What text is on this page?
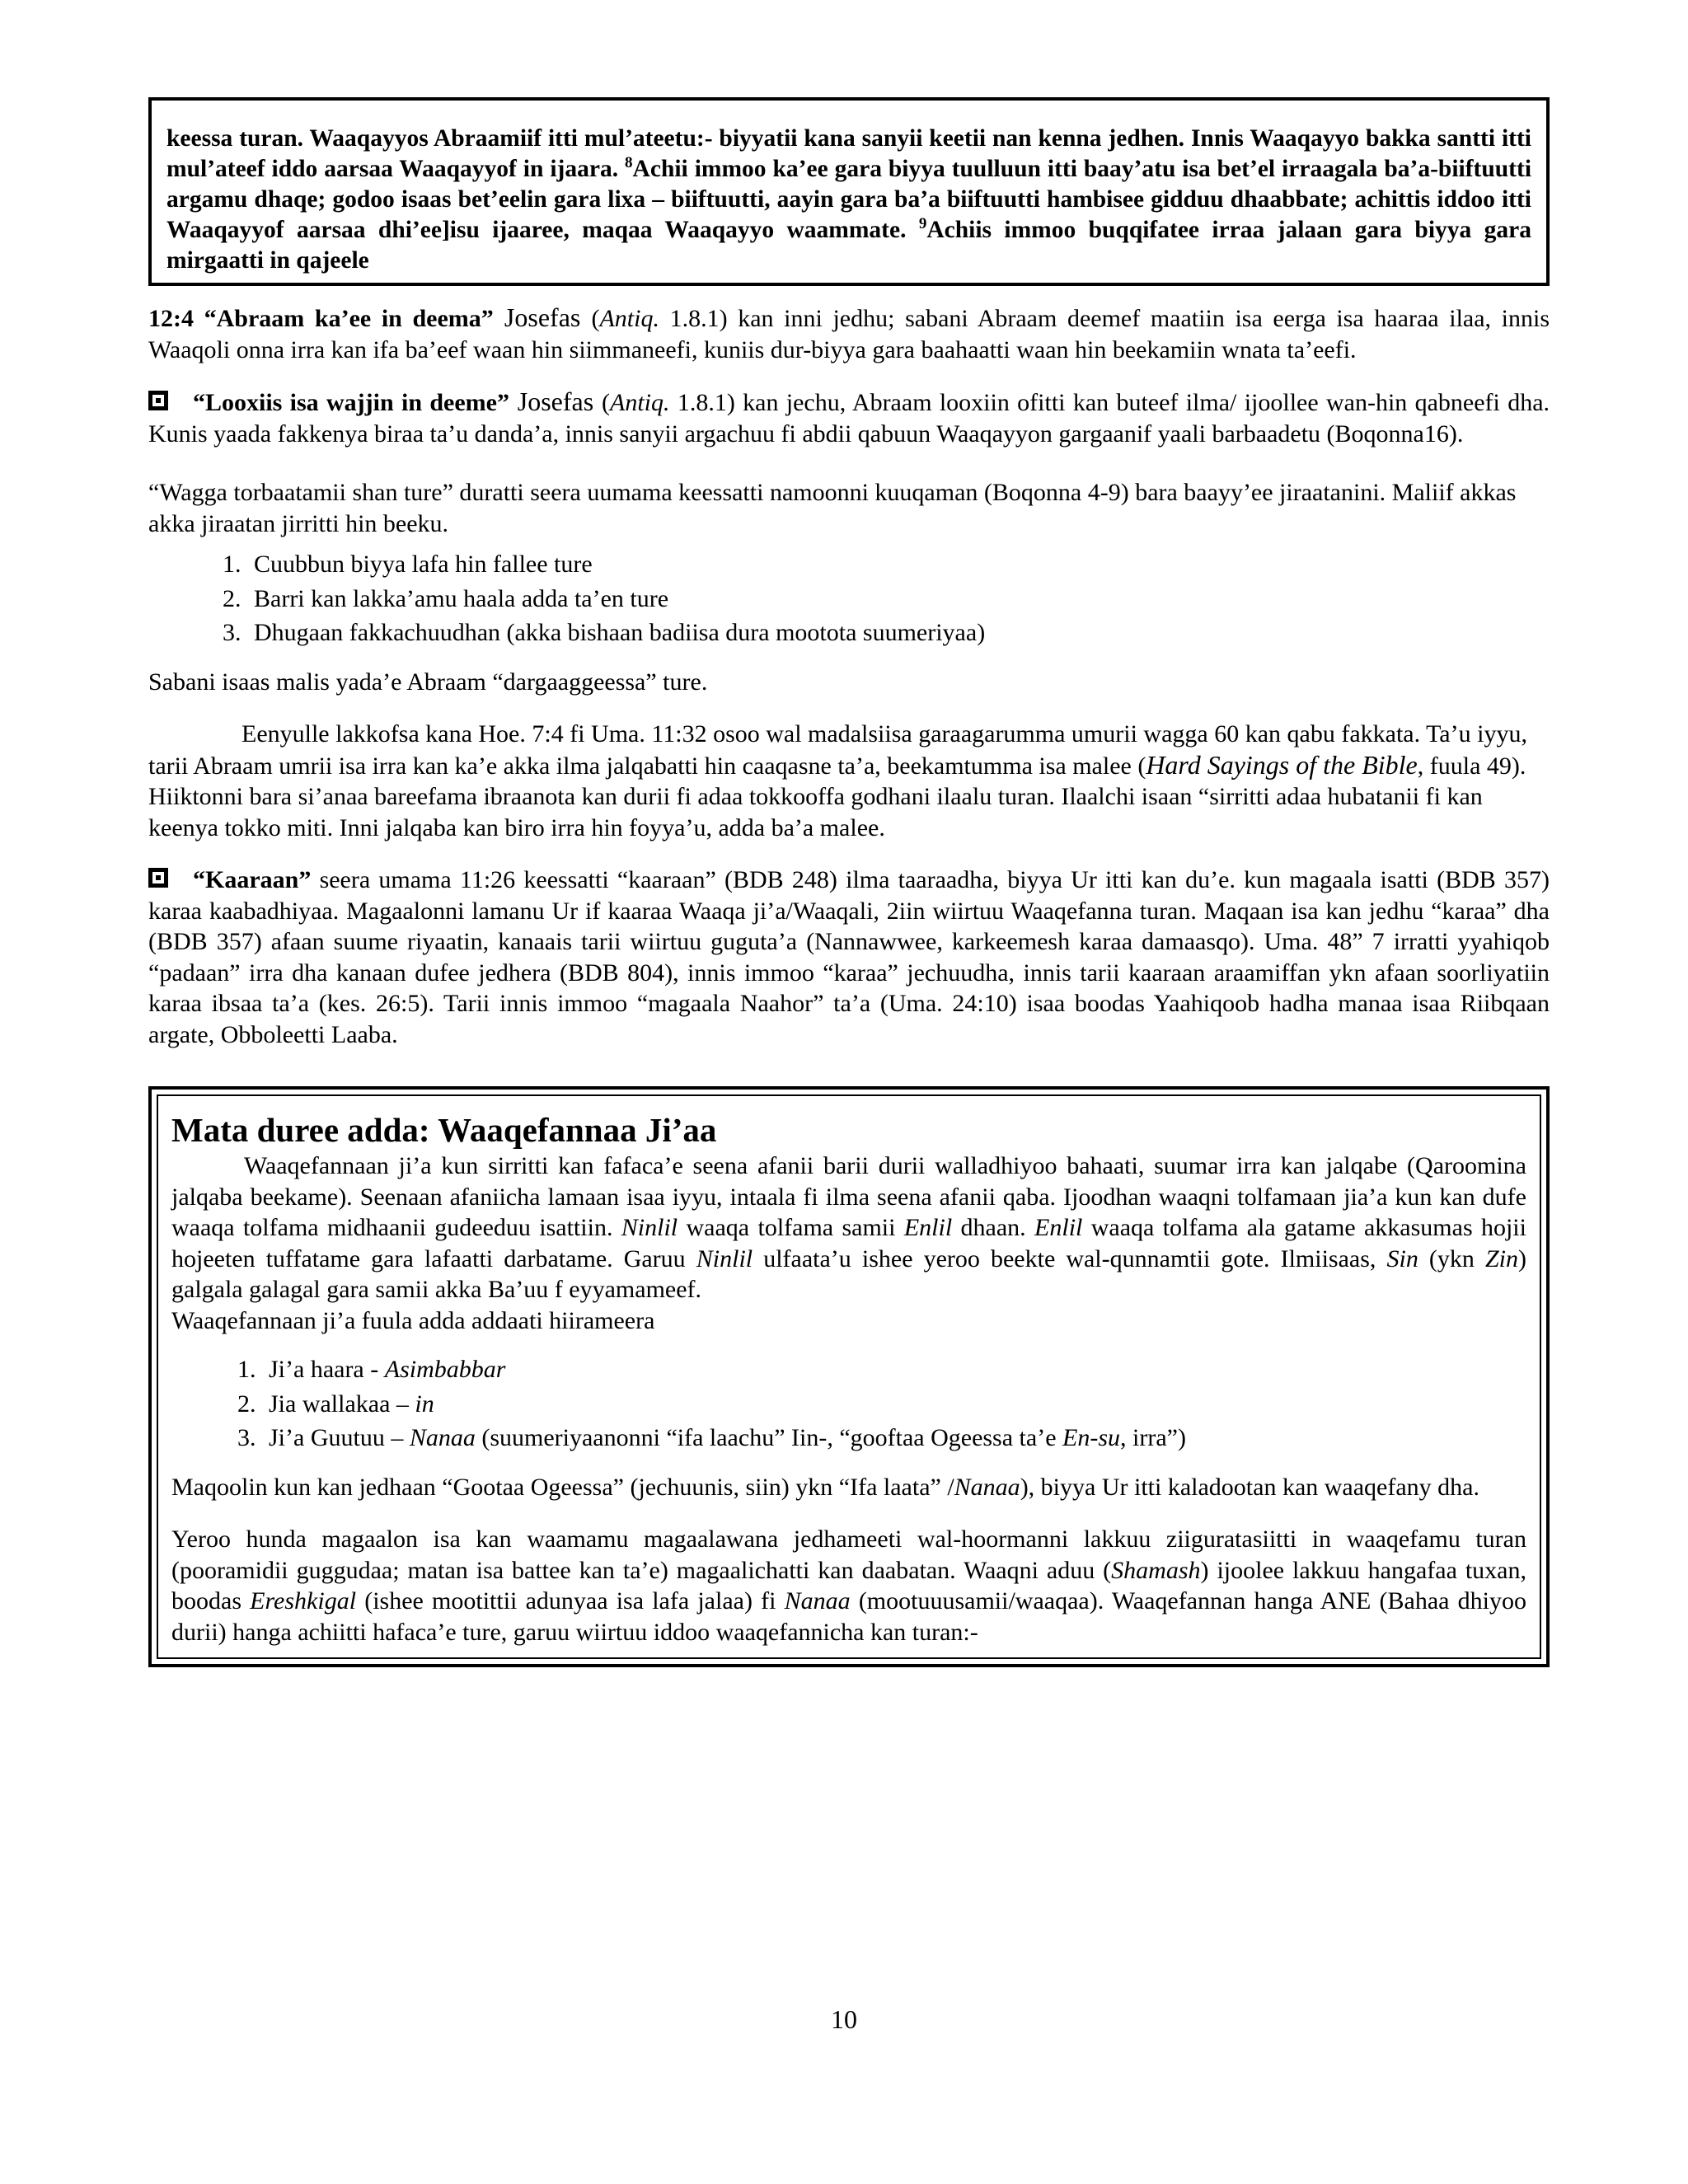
keessa turan. Waaqayyos Abraamiif itti mul’ateetu:- biyyatii kana sanyii keetii nan kenna jedhen. Innis Waaqayyo bakka santti itti mul’ateef iddo aarsaa Waaqayyof in ijaara. $^8$Achii immoo ka’ee gara biyya tuulluun itti baay’atu isa bet’el irraagala ba’a-biiftuutti argamu dhaqe; godoo isaas bet’eelin gara lixa – biiftuutti, aayin gara ba’a biiftuutti hambisee gidduu dhaabbate; achittis iddoo itti Waaqayyof aarsaa dhi’ee]isu ijaaree, maqaa Waaqayyo waammate. $^9$Achiis immoo buqqifatee irraa jalaan gara biyya gara mirgaatti in qajeele

12:4 “Abraam ka’ee in deema” Josefas (Antiq. 1.8.1) kan inni jedhu; sabani Abraam deemef maatiin isa eerga isa haaraa ilaa, innis Waaqoli onna irra kan ifa ba’eef waan hin siimmaneefi, kuniis dur-biyya gara baahaatti waan hin beekamiin wnata ta’eefi.

“Looxiis isa wajjin in deeme” Josefas (Antiq. 1.8.1) kan jechu, Abraam looxiin ofitti kan buteef ilma/ ijoollee wan-hin qabneefi dha. Kunis yaada fakkenya biraa ta’u danda’a, innis sanyii argachuu fi abdii qabuun Waaqayyon gargaanif yaali barbaadetu (Boqonna16).

“Wagga torbaatamii shan ture” duratti seera uumama keessatti namoonni kuuqaman (Boqonna 4-9) bara baayy’ee jiraatanini. Maliif akkas akka jiraatan jirritti hin beeku.

1. Cuubbun biyya lafa hin fallee ture
2. Barri kan lakka’amu haala adda ta’en ture
3. Dhugaan fakkachuudhan (akka bishaan badiisa dura mootota suumeriyaa)

Sabani isaas malis yada’e Abraam “dargaaggeessa” ture.

Eenyulle lakkofsa kana Hoe. 7:4 fi Uma. 11:32 osoo wal madalsiisa garaagarumma umurii wagga 60 kan qabu fakkata. Ta’u iyyu, tarii Abraam umrii isa irra kan ka’e akka ilma jalqabatti hin caaqasne ta’a, beekamtumma isa malee (Hard Sayings of the Bible, fuula 49). Hiiktonni bara si’anaa bareefama ibraanota kan durii fi adaa tokkooffa godhani ilaalu turan. Ilaalchi isaan “sirritti adaa hubatanii fi kan keenya tokko miti. Inni jalqaba kan biro irra hin foyya’u, adda ba’a malee.

“Kaaraan” seera umama 11:26 keessatti “kaaraan” (BDB 248) ilma taaraadha, biyya Ur itti kan du’e. kun magaala isatti (BDB 357) karaa kaabadhiyaa. Magaalonni lamanu Ur if kaaraa Waaqa ji’a/Waaqali, 2iin wiirtuu Waaqefanna turan. Maqaan isa kan jedhu “karaa” dha (BDB 357) afaan suume riyaatin, kanaais tarii wiirtuu guguta’a (Nannawwee, karkeemesh karaa damaasqo). Uma. 48” 7 irratti yyahiqob “padaan” irra dha kanaan dufee jedhera (BDB 804), innis immoo “karaa” jechuudha, innis tarii kaaraan araamiffan ykn afaan soorliyatiin karaa ibsaa ta’a (kes. 26:5). Tarii innis immoo “magaala Naahor” ta’a (Uma. 24:10) isaa boodas Yaahiqoob hadha manaa isaa Riibqaan argate, Obboleetti Laaba.

Mata duree adda: Waaqefannaa Ji’aa

Waaqefannaan ji’a kun sirritti kan fafaca’e seena afanii barii durii walladhiyoo bahaati, suumar irra kan jalqabe (Qaroomina jalqaba beekame). Seenaan afaniicha lamaan isaa iyyu, intaala fi ilma seena afanii qaba. Ijoodhan waaqni tolfamaan jia’a kun kan dufe waaqa tolfama midhaanii gudeeduu isattiin. Ninlil waaqa tolfama samii Enlil dhaan. Enlil waaqa tolfama ala gatame akkasumas hojii hojeeten tuffatame gara lafaatti darbatame. Garuu Ninlil ulfaata’u ishee yeroo beekte wal-qunnamtii gote. Ilmiisaas, Sin (ykn Zin) galgala galagal gara samii akka Ba’uu f eyyamameef.

Waaqefannaan ji’a fuula adda addaati hiirameera

1. Ji’a haara - Asimbabbar
2. Jia wallakaa – in
3. Ji’a Guutuu – Nanaa (suumeriyaanonni “ifa laachu” Iin-, “gooftaa Ogeessa ta’e En-su, irra”)

Maqoolin kun kan jedhaan “Gootaa Ogeessa” (jechuunis, siin) ykn “Ifa laata” /Nanaa), biyya Ur itti kaladootan kan waaqefany dha.

Yeroo hunda magaalon isa kan waamamu magaalawana jedhameeti wal-hoormanni lakkuu ziiguratasiitti in waaqefamu turan (pooramidii guggudaa; matan isa battee kan ta’e) magaalichatti kan daabatan. Waaqni aduu (Shamash) ijoolee lakkuu hangafaa tuxan, boodas Ereshkigal (ishee mootittii adunyaa isa lafa jalaa) fi Nanaa (mootuuusamii/waaqaa). Waaqefannan hanga ANE (Bahaa dhiyoo durii) hanga achiitti hafaca’e ture, garuu wiirtuu iddoo waaqefannicha kan turan:-

10
